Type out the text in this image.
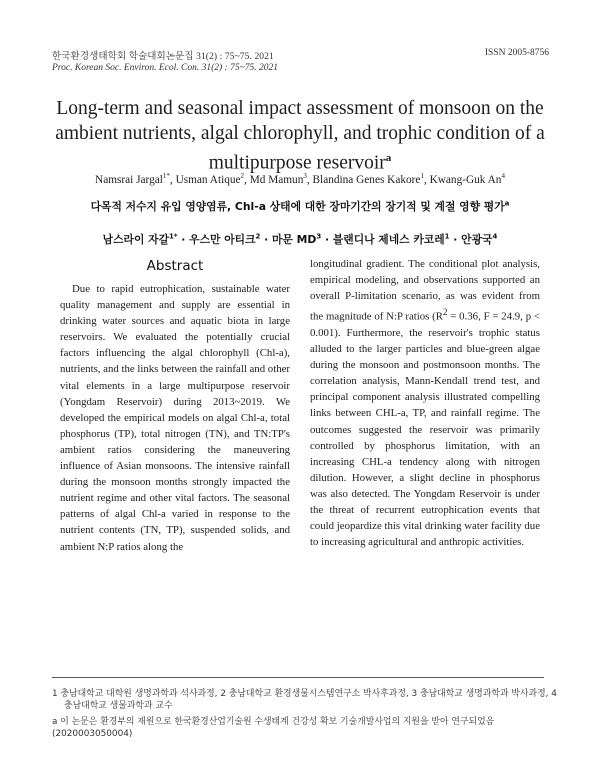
한국환경생태학회 학술대회논문집 31(2) : 75~75. 2021
Proc. Korean Soc. Environ. Ecol. Con. 31(2) : 75~75. 2021
ISSN 2005-8756
Long-term and seasonal impact assessment of monsoon on the ambient nutrients, algal chlorophyll, and trophic condition of a multipurpose reservoir$^a$
Namsrai Jargal$^{1*}$, Usman Atique$^2$, Md Mamun$^3$, Blandina Genes Kakore$^1$, Kwang-Guk An$^4$
다목적 저수지 유입 영양염류, Chl-a 상태에 대한 장마기간의 장기적 및 계절 영향 평가$^a$
남스라이 자갈$^{1*}$ · 우스만 아티크$^2$ · 마문 $MD^3$ · 블랜디나 제네스 카코레$^1$ · 안광국$^4$
Abstract
Due to rapid eutrophication, sustainable water quality management and supply are essential in drinking water sources and aquatic biota in large reservoirs. We evaluated the potentially crucial factors influencing the algal chlorophyll (Chl-a), nutrients, and the links between the rainfall and other vital elements in a large multipurpose reservoir (Yongdam Reservoir) during 2013~2019. We developed the empirical models on algal Chl-a, total phosphorus (TP), total nitrogen (TN), and TN:TP's ambient ratios considering the maneuvering influence of Asian monsoons. The intensive rainfall during the monsoon months strongly impacted the nutrient regime and other vital factors. The seasonal patterns of algal Chl-a varied in response to the nutrient contents (TN, TP), suspended solids, and ambient N:P ratios along the
longitudinal gradient. The conditional plot analysis, empirical modeling, and observations supported an overall P-limitation scenario, as was evident from the magnitude of N:P ratios ($R^2 = 0.36$, F = 24.9, p < 0.001). Furthermore, the reservoir's trophic status alluded to the larger particles and blue-green algae during the monsoon and postmonsoon months. The correlation analysis, Mann-Kendall trend test, and principal component analysis illustrated compelling links between CHL-a, TP, and rainfall regime. The outcomes suggested the reservoir was primarily controlled by phosphorus limitation, with an increasing CHL-a tendency along with nitrogen dilution. However, a slight decline in phosphorus was also detected. The Yongdam Reservoir is under the threat of recurrent eutrophication events that could jeopardize this vital drinking water facility due to increasing agricultural and anthropic activities.
1 충남대학교 대학원 생명과학과 석사과정, 2 충남대학교 환경생물시스템연구소 박사후과정, 3 충남대학교 생명과학과 박사과정, 4 충남대학교 생물과학과 교수
a 이 논문은 환경부의 재원으로 한국환경산업기술원 수생태계 건강성 확보 기술개발사업의 지원을 받아 연구되었음(2020003050004)
